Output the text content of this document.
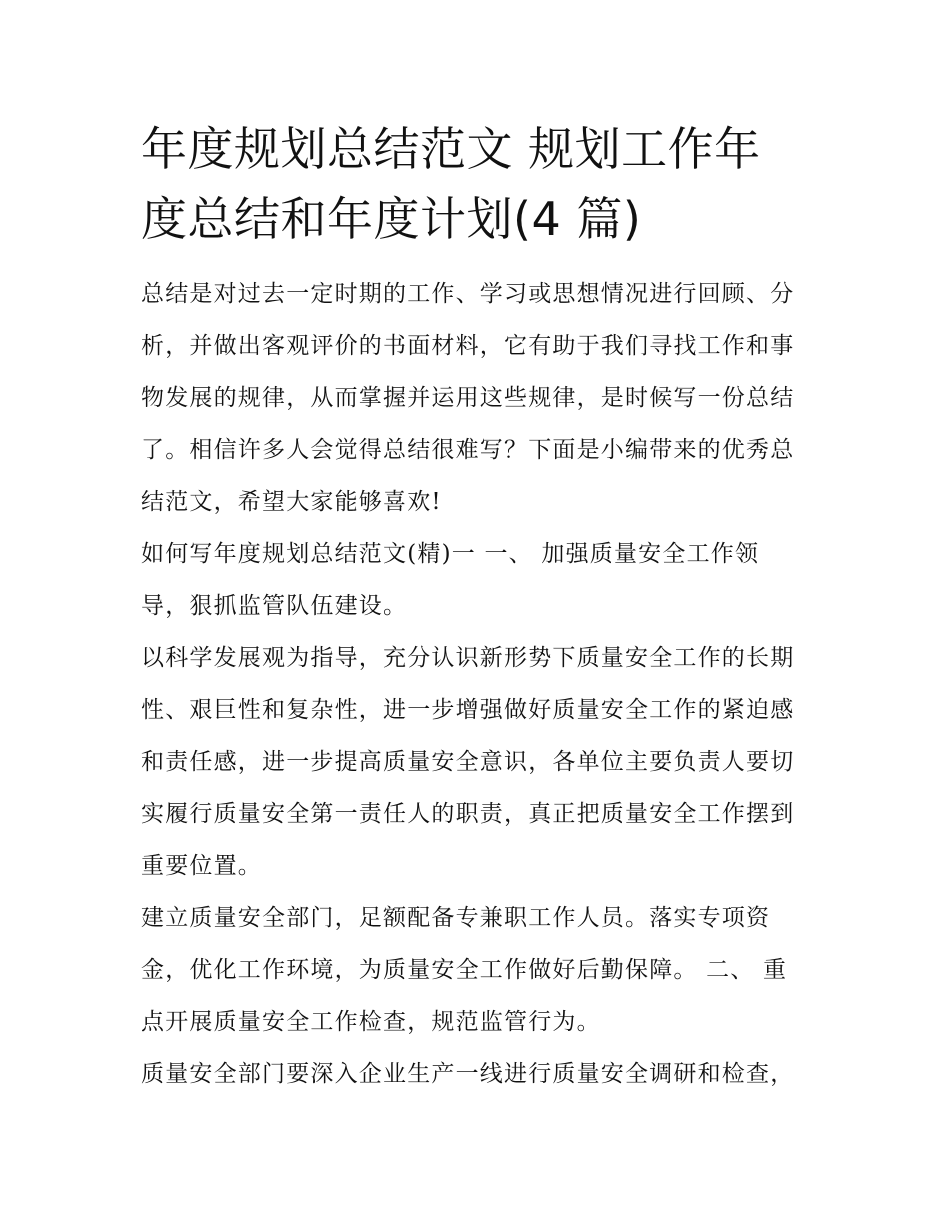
年度规划总结范文 规划工作年
度总结和年度计划(4 篇)

总结是对过去一定时期的工作、学习或思想情况进行回顾、分
析，并做出客观评价的书面材料，它有助于我们寻找工作和事
物发展的规律，从而掌握并运用这些规律，是时候写一份总结
了。相信许多人会觉得总结很难写？下面是小编带来的优秀总
结范文，希望大家能够喜欢!

如何写年度规划总结范文(精)一 一、 加强质量安全工作领
导，狠抓监管队伍建设。

以科学发展观为指导，充分认识新形势下质量安全工作的长期
性、艰巨性和复杂性，进一步增强做好质量安全工作的紧迫感
和责任感，进一步提高质量安全意识，各单位主要负责人要切
实履行质量安全第一责任人的职责，真正把质量安全工作摆到
重要位置。

建立质量安全部门，足额配备专兼职工作人员。落实专项资
金，优化工作环境，为质量安全工作做好后勤保障。 二、 重
点开展质量安全工作检查，规范监管行为。

质量安全部门要深入企业生产一线进行质量安全调研和检查，
